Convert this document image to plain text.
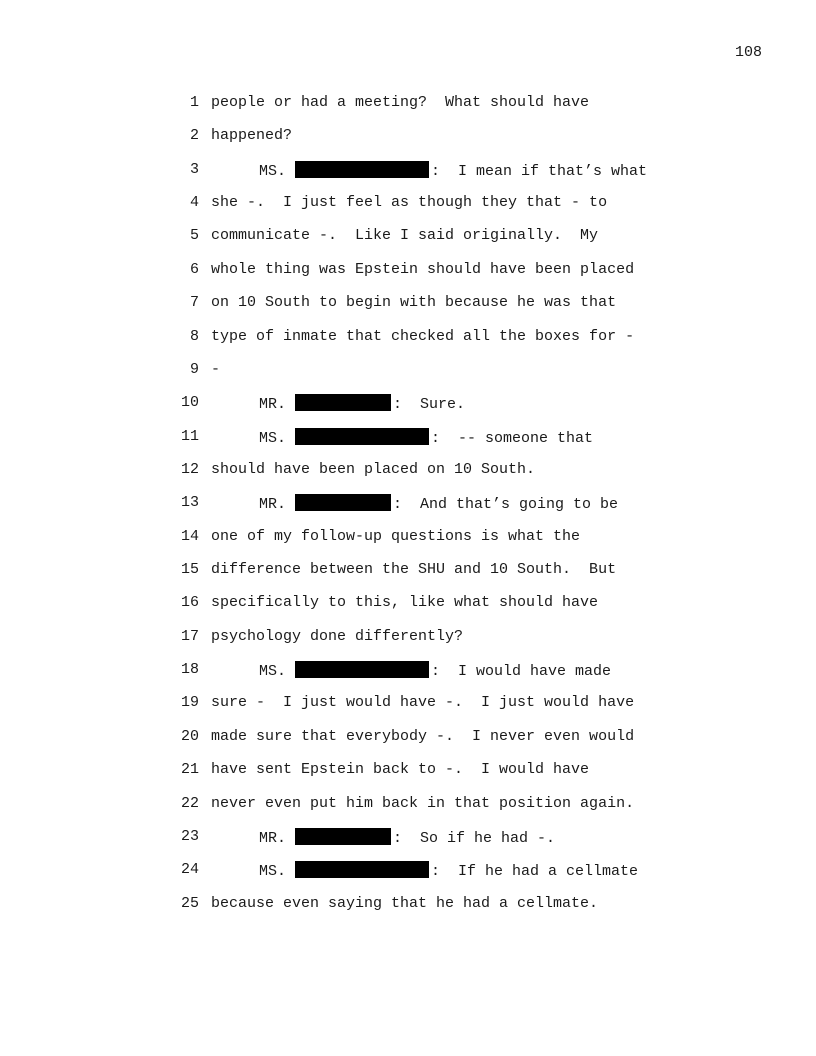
108

1 people or had a meeting?  What should have
2 happened?
3	MS.	:  I mean if that’s what
4 she -.  I just feel as though they that - to
5 communicate -.  Like I said originally.  My
6 whole thing was Epstein should have been placed
7 on 10 South to begin with because he was that
8 type of inmate that checked all the boxes for -
9 -
10	MR.	:  Sure.
11	MS.	:  -- someone that
12 should have been placed on 10 South.
13	MR.	:  And that’s going to be
14 one of my follow-up questions is what the
15 difference between the SHU and 10 South.  But
16 specifically to this, like what should have
17 psychology done differently?
18	MS.	:  I would have made
19 sure -  I just would have -.  I just would have
20 made sure that everybody -.  I never even would
21 have sent Epstein back to -.  I would have
22 never even put him back in that position again.
23	MR.	:  So if he had -.
24	MS.	:  If he had a cellmate
25 because even saying that he had a cellmate.
